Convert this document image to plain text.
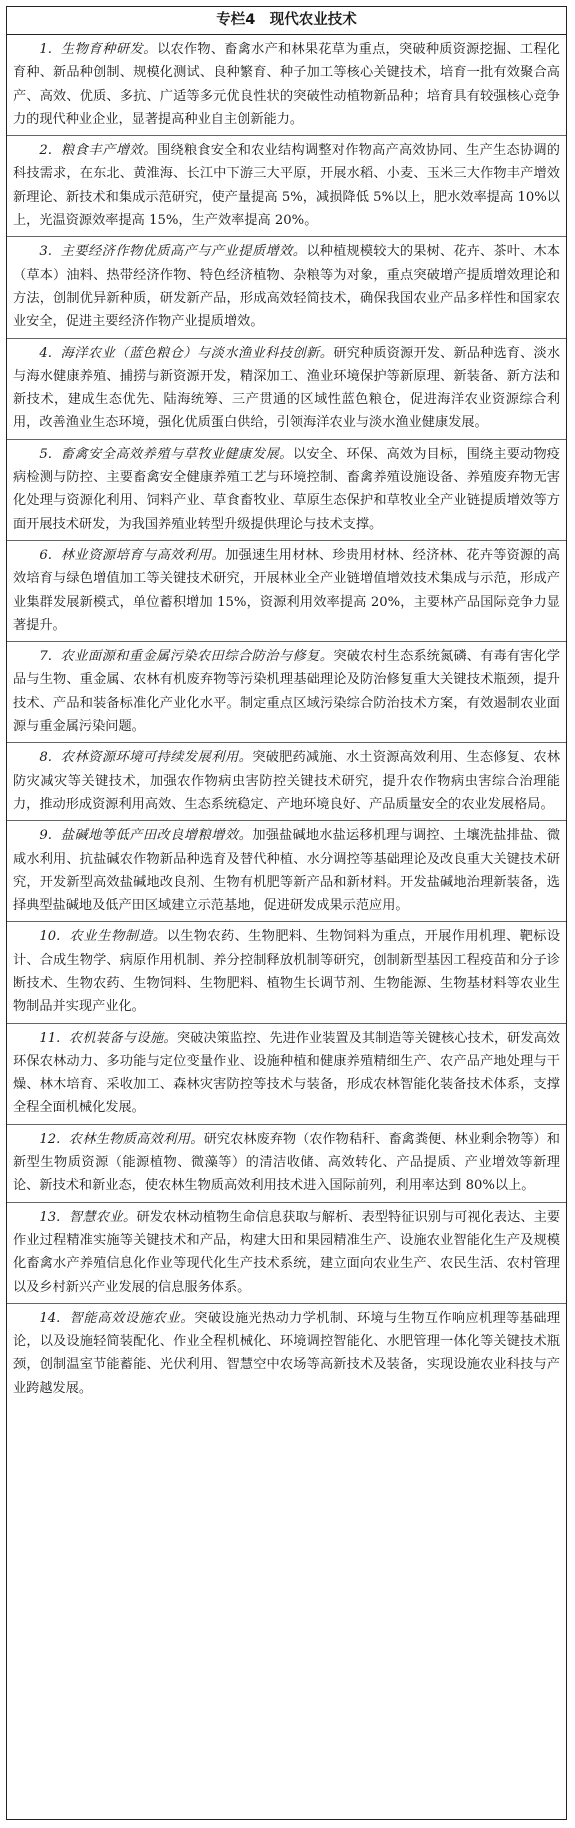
专栏4　现代农业技术
1. 生物育种研发。以农作物、畜禽水产和林果花草为重点，突破种质资源挖掘、工程化育种、新品种创制、规模化测试、良种繁育、种子加工等核心关键技术，培育一批有效聚合高产、高效、优质、多抗、广适等多元优良性状的突破性动植物新品种；培育具有较强核心竞争力的现代种业企业，显著提高种业自主创新能力。
2. 粮食丰产增效。围绕粮食安全和农业结构调整对作物高产高效协同、生产生态协调的科技需求，在东北、黄淮海、长江中下游三大平原，开展水稻、小麦、玉米三大作物丰产增效新理论、新技术和集成示范研究，使产量提高 5%，减损降低 5%以上，肥水效率提高 10%以上，光温资源效率提高 15%，生产效率提高 20%。
3. 主要经济作物优质高产与产业提质增效。以种植规模较大的果树、花卉、茶叶、木本（草本）油料、热带经济作物、特色经济植物、杂粮等为对象，重点突破增产提质增效理论和方法，创制优异新种质，研发新产品，形成高效轻简技术，确保我国农业产品多样性和国家农业安全，促进主要经济作物产业提质增效。
4. 海洋农业（蓝色粮仓）与淡水渔业科技创新。研究种质资源开发、新品种选育、淡水与海水健康养殖、捕捞与新资源开发，精深加工、渔业环境保护等新原理、新装备、新方法和新技术，建成生态优先、陆海统筹、三产贯通的区域性蓝色粮仓，促进海洋农业资源综合利用，改善渔业生态环境，强化优质蛋白供给，引领海洋农业与淡水渔业健康发展。
5. 畜禽安全高效养殖与草牧业健康发展。以安全、环保、高效为目标，围绕主要动物疫病检测与防控、主要畜禽安全健康养殖工艺与环境控制、畜禽养殖设施设备、养殖废弃物无害化处理与资源化利用、饲料产业、草食畜牧业、草原生态保护和草牧业全产业链提质增效等方面开展技术研发，为我国养殖业转型升级提供理论与技术支撑。
6. 林业资源培育与高效利用。加强速生用材林、珍贵用材林、经济林、花卉等资源的高效培育与绿色增值加工等关键技术研究，开展林业全产业链增值增效技术集成与示范，形成产业集群发展新模式，单位蓄积增加 15%，资源利用效率提高 20%，主要林产品国际竞争力显著提升。
7. 农业面源和重金属污染农田综合防治与修复。突破农村生态系统氮磷、有毒有害化学品与生物、重金属、农林有机废弃物等污染机理基础理论及防治修复重大关键技术瓶颈，提升技术、产品和装备标准化产业化水平。制定重点区域污染综合防治技术方案，有效遏制农业面源与重金属污染问题。
8. 农林资源环境可持续发展利用。突破肥药减施、水土资源高效利用、生态修复、农林防灾减灾等关键技术，加强农作物病虫害防控关键技术研究，提升农作物病虫害综合治理能力，推动形成资源利用高效、生态系统稳定、产地环境良好、产品质量安全的农业发展格局。
9. 盐碱地等低产田改良增粮增效。加强盐碱地水盐运移机理与调控、土壤洗盐排盐、微咸水利用、抗盐碱农作物新品种选育及替代种植、水分调控等基础理论及改良重大关键技术研究，开发新型高效盐碱地改良剂、生物有机肥等新产品和新材料。开发盐碱地治理新装备，选择典型盐碱地及低产田区域建立示范基地，促进研发成果示范应用。
10. 农业生物制造。以生物农药、生物肥料、生物饲料为重点，开展作用机理、靶标设计、合成生物学、病原作用机制、养分控制释放机制等研究，创制新型基因工程疫苗和分子诊断技术、生物农药、生物饲料、生物肥料、植物生长调节剂、生物能源、生物基材料等农业生物制品并实现产业化。
11. 农机装备与设施。突破决策监控、先进作业装置及其制造等关键核心技术，研发高效环保农林动力、多功能与定位变量作业、设施种植和健康养殖精细生产、农产品产地处理与干燥、林木培育、采收加工、森林灾害防控等技术与装备，形成农林智能化装备技术体系，支撑全程全面机械化发展。
12. 农林生物质高效利用。研究农林废弃物（农作物秸秆、畜禽粪便、林业剩余物等）和新型生物质资源（能源植物、微藻等）的清洁收储、高效转化、产品提质、产业增效等新理论、新技术和新业态，使农林生物质高效利用技术进入国际前列，利用率达到 80%以上。
13. 智慧农业。研发农林动植物生命信息获取与解析、表型特征识别与可视化表达、主要作业过程精准实施等关键技术和产品，构建大田和果园精准生产、设施农业智能化生产及规模化畜禽水产养殖信息化作业等现代化生产技术系统，建立面向农业生产、农民生活、农村管理以及乡村新兴产业发展的信息服务体系。
14. 智能高效设施农业。突破设施光热动力学机制、环境与生物互作响应机理等基础理论，以及设施轻简装配化、作业全程机械化、环境调控智能化、水肥管理一体化等关键技术瓶颈，创制温室节能蓄能、光伏利用、智慧空中农场等高新技术及装备，实现设施农业科技与产业跨越发展。
